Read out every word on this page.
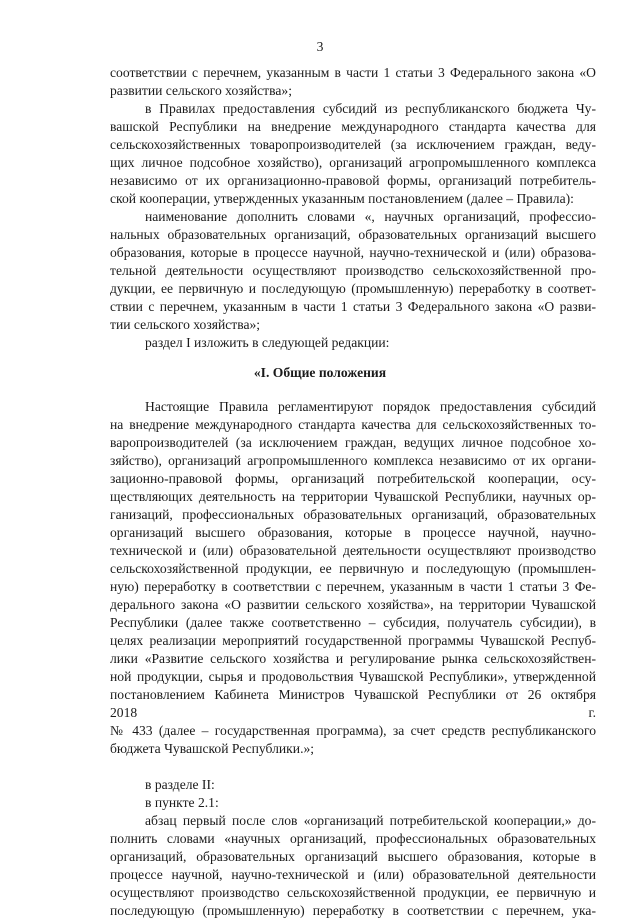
3
соответствии с перечнем, указанным в части 1 статьи 3 Федерального закона «О
развитии сельского хозяйства»;
в Правилах предоставления субсидий из республиканского бюджета Чу-
вашской Республики на внедрение международного стандарта качества для
сельскохозяйственных товаропроизводителей (за исключением граждан, веду-
щих личное подсобное хозяйство), организаций агропромышленного комплекса
независимо от их организационно-правовой формы, организаций потребитель-
ской кооперации, утвержденных указанным постановлением (далее – Правила):
наименование дополнить словами «, научных организаций, профессио-
нальных образовательных организаций, образовательных организаций высшего
образования, которые в процессе научной, научно-технической и (или) образова-
тельной деятельности осуществляют производство сельскохозяйственной про-
дукции, ее первичную и последующую (промышленную) переработку в соответ-
ствии с перечнем, указанным в части 1 статьи 3 Федерального закона «О разви-
тии сельского хозяйства»;
раздел I изложить в следующей редакции:
«I. Общие положения
Настоящие Правила регламентируют порядок предоставления субсидий
на внедрение международного стандарта качества для сельскохозяйственных то-
варопроизводителей (за исключением граждан, ведущих личное подсобное хо-
зяйство), организаций агропромышленного комплекса независимо от их органи-
зационно-правовой формы, организаций потребительской кооперации, осу-
ществляющих деятельность на территории Чувашской Республики, научных ор-
ганизаций, профессиональных образовательных организаций, образовательных
организаций высшего образования, которые в процессе научной, научно-
технической и (или) образовательной деятельности осуществляют производство
сельскохозяйственной продукции, ее первичную и последующую (промышлен-
ную) переработку в соответствии с перечнем, указанным в части 1 статьи 3 Фе-
дерального закона «О развитии сельского хозяйства», на территории Чувашской
Республики (далее также соответственно – субсидия, получатель субсидии), в
целях реализации мероприятий государственной программы Чувашской Респуб-
лики «Развитие сельского хозяйства и регулирование рынка сельскохозяйствен-
ной продукции, сырья и продовольствия Чувашской Республики», утвержденной
постановлением Кабинета Министров Чувашской Республики от 26 октября
2018 г.
№ 433 (далее – государственная программа), за счет средств республиканского
бюджета Чувашской Республики.»;
в разделе II:
в пункте 2.1:
абзац первый после слов «организаций потребительской кооперации,» до-
полнить словами «научных организаций, профессиональных образовательных
организаций, образовательных организаций высшего образования, которые в
процессе научной, научно-технической и (или) образовательной деятельности
осуществляют производство сельскохозяйственной продукции, ее первичную и
последующую (промышленную) переработку в соответствии с перечнем, ука-
